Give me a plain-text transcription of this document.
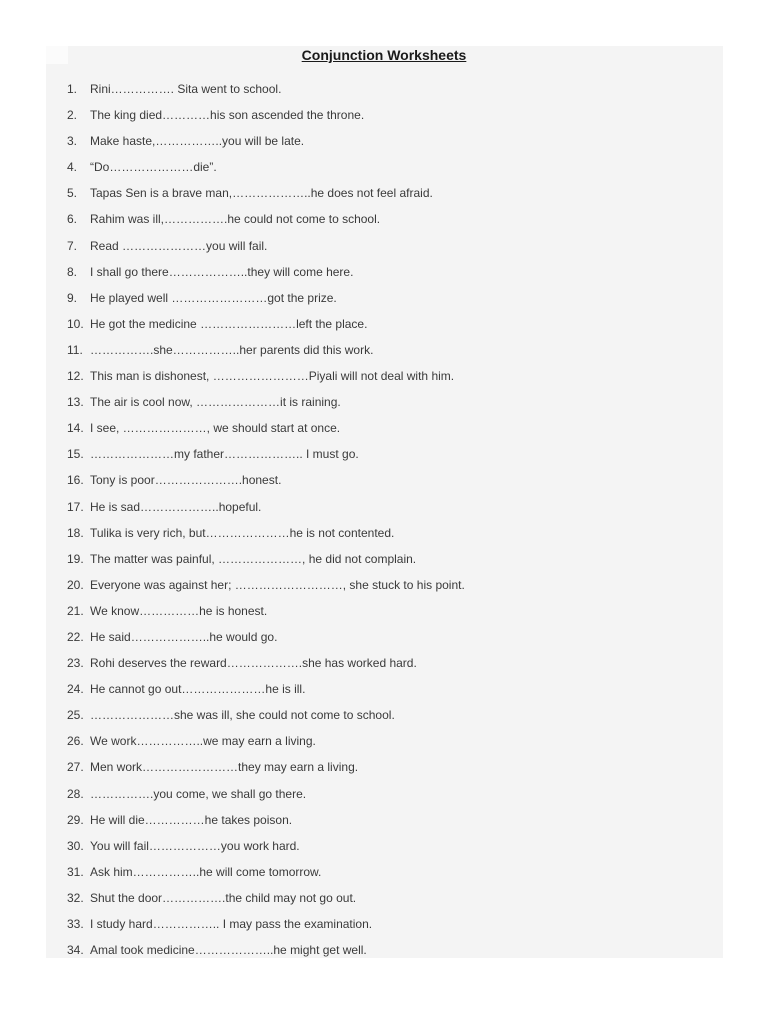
Conjunction Worksheets
1.	Rini……………. Sita went to school.
2.	The king died…………his son ascended the throne.
3.	Make haste,……………..you will be late.
4.	“Do…………………die”.
5.	Tapas Sen is a brave man,………………..he does not feel afraid.
6.	Rahim was ill,…………….he could not come to school.
7.	Read …………………you will fail.
8.	I shall go there………………..they will come here.
9.	He played well ……………………got the prize.
10. He got the medicine ……………………left the place.
11. …………….she……………..her parents did this work.
12. This man is dishonest, ……………………Piyali will not deal with him.
13. The air is cool now, …………………it is raining.
14. I see, …………………, we should start at once.
15. …………………my father……………….. I must go.
16. Tony is poor………………….honest.
17. He is sad………………..hopeful.
18. Tulika is very rich, but…………………he is not contented.
19. The matter was painful, …………………, he did not complain.
20. Everyone was against her; ………………………, she stuck to his point.
21. We know……………he is honest.
22. He said………………..he would go.
23. Rohi deserves the reward……………….she has worked hard.
24. He cannot go out…………………he is ill.
25. …………………she was ill, she could not come to school.
26. We work……………..we may earn a living.
27. Men work……………………they may earn a living.
28. …………….you come, we shall go there.
29. He will die……………he takes poison.
30. You will fail………………you work hard.
31. Ask him……………..he will come tomorrow.
32. Shut the door…………….the child may not go out.
33. I study hard…………….. I may pass the examination.
34. Amal took medicine………………..he might get well.
